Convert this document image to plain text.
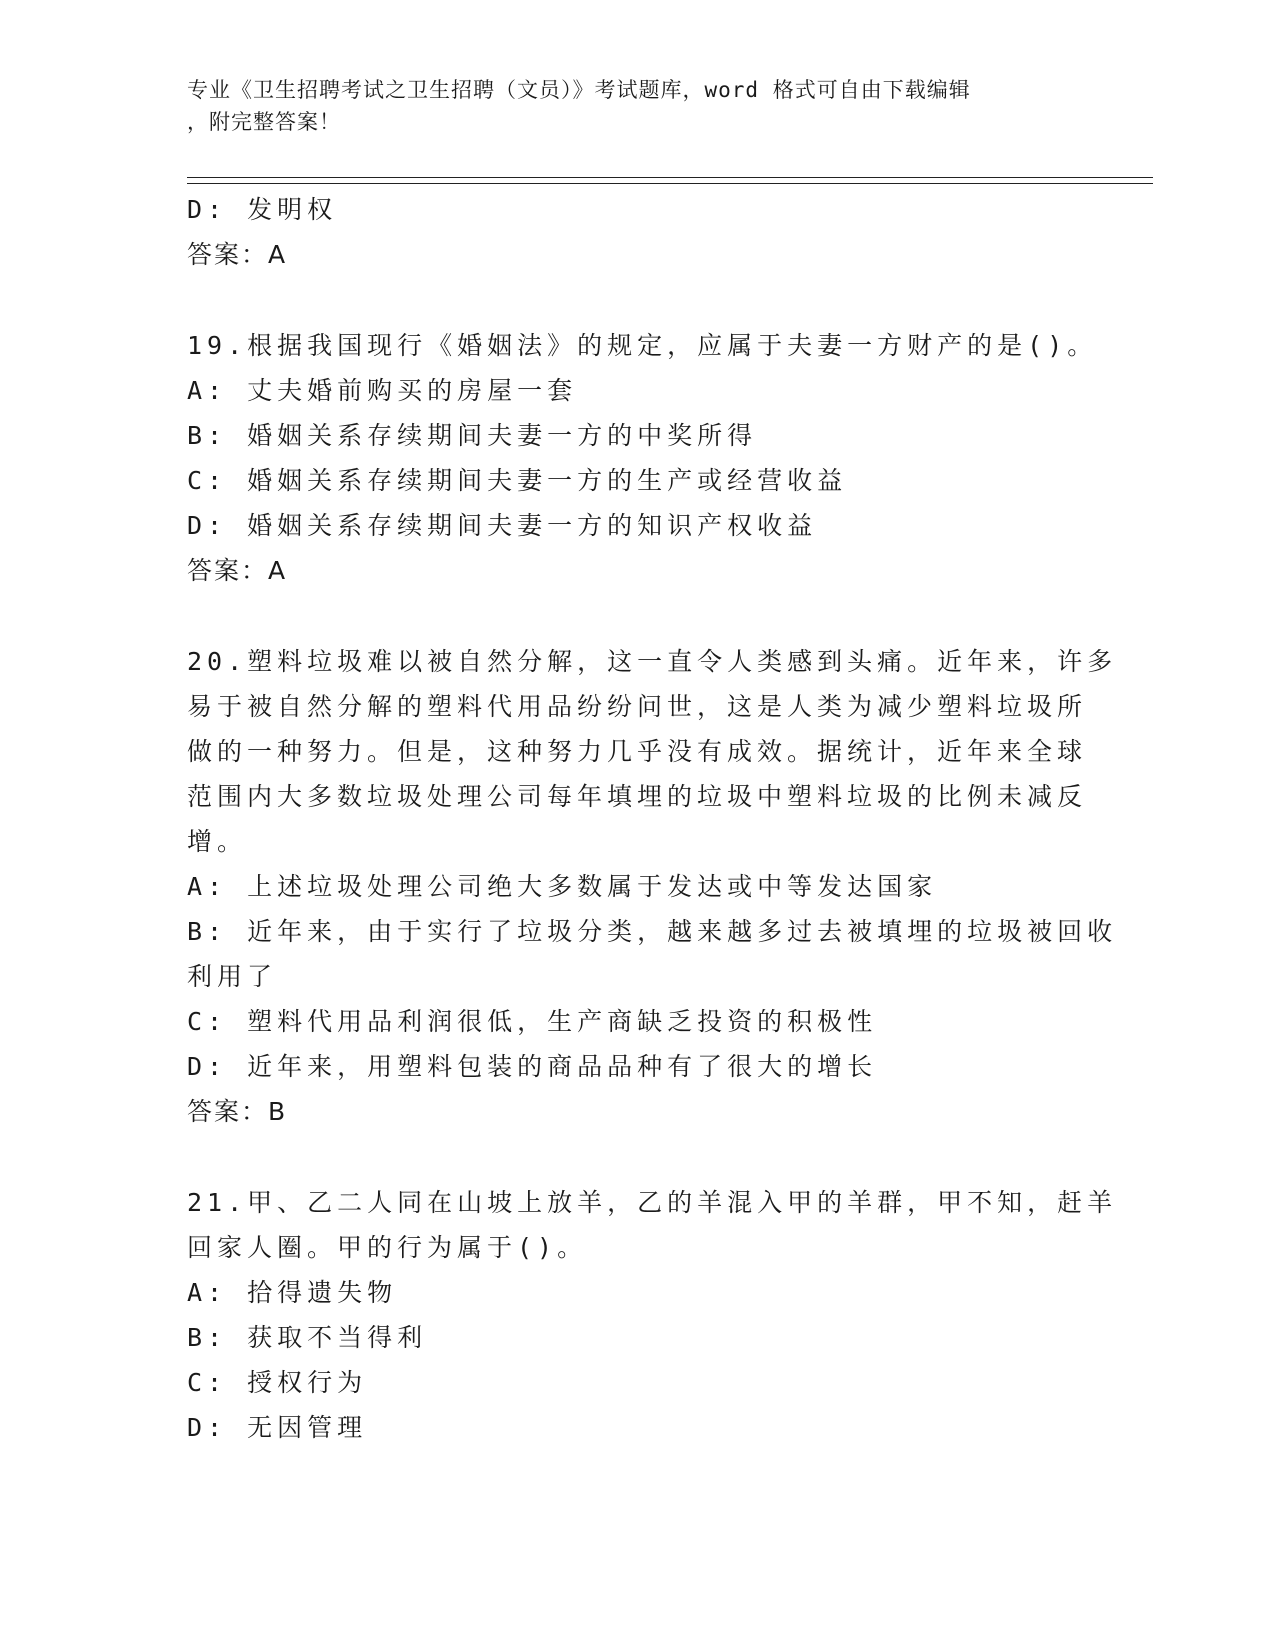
专业《卫生招聘考试之卫生招聘（文员）》考试题库，word 格式可自由下载编辑
，附完整答案！
D: 发明权
答案：A
19.根据我国现行《婚姻法》的规定，应属于夫妻一方财产的是()。
A: 丈夫婚前购买的房屋一套
B: 婚姻关系存续期间夫妻一方的中奖所得
C: 婚姻关系存续期间夫妻一方的生产或经营收益
D: 婚姻关系存续期间夫妻一方的知识产权收益
答案：A
20.塑料垃圾难以被自然分解，这一直令人类感到头痛。近年来，许多
易于被自然分解的塑料代用品纷纷问世，这是人类为减少塑料垃圾所
做的一种努力。但是，这种努力几乎没有成效。据统计，近年来全球
范围内大多数垃圾处理公司每年填埋的垃圾中塑料垃圾的比例未减反
增。
A: 上述垃圾处理公司绝大多数属于发达或中等发达国家
B: 近年来，由于实行了垃圾分类，越来越多过去被填埋的垃圾被回收
利用了
C: 塑料代用品利润很低，生产商缺乏投资的积极性
D: 近年来，用塑料包装的商品品种有了很大的增长
答案：B
21.甲、乙二人同在山坡上放羊，乙的羊混入甲的羊群，甲不知，赶羊
回家人圈。甲的行为属于()。
A: 拾得遗失物
B: 获取不当得利
C: 授权行为
D: 无因管理
